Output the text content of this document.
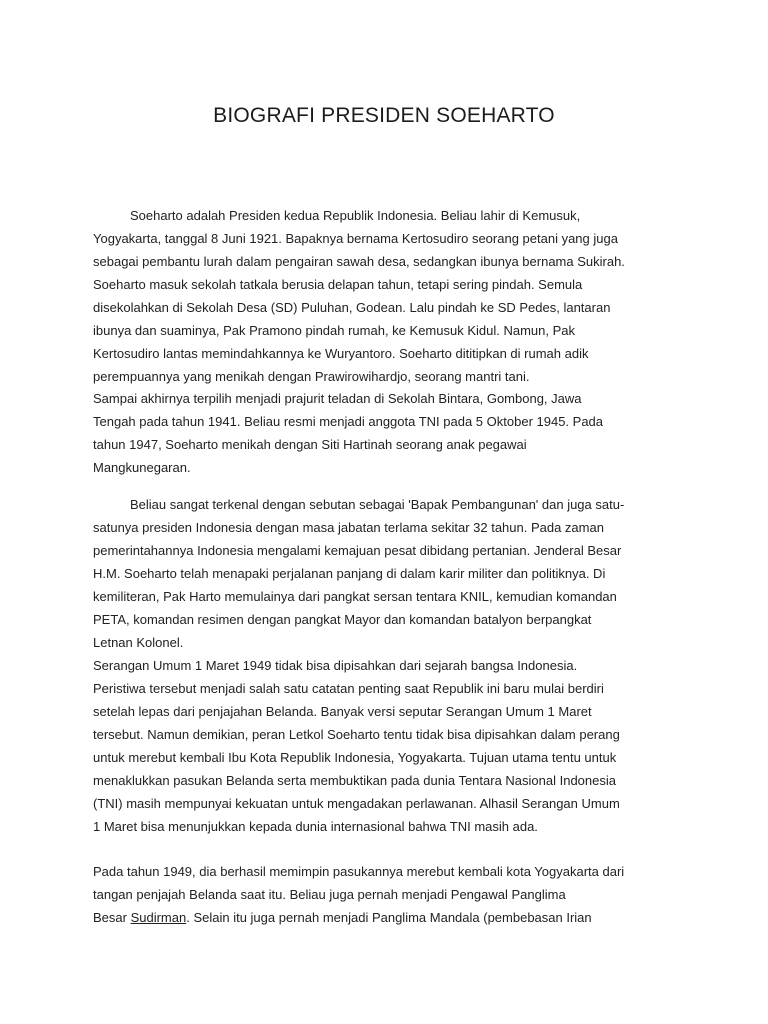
BIOGRAFI PRESIDEN SOEHARTO
Soeharto adalah Presiden kedua Republik Indonesia. Beliau lahir di Kemusuk,
Yogyakarta, tanggal 8 Juni 1921. Bapaknya bernama Kertosudiro seorang petani yang juga
sebagai pembantu lurah dalam pengairan sawah desa, sedangkan ibunya bernama Sukirah.
Soeharto masuk sekolah tatkala berusia delapan tahun, tetapi sering pindah. Semula
disekolahkan di Sekolah Desa (SD) Puluhan, Godean. Lalu pindah ke SD Pedes, lantaran
ibunya dan suaminya, Pak Pramono pindah rumah, ke Kemusuk Kidul. Namun, Pak
Kertosudiro lantas memindahkannya ke Wuryantoro. Soeharto dititipkan di rumah adik
perempuannya yang menikah dengan Prawirowihardjo, seorang mantri tani.
Sampai akhirnya terpilih menjadi prajurit teladan di Sekolah Bintara, Gombong, Jawa
Tengah pada tahun 1941. Beliau resmi menjadi anggota TNI pada 5 Oktober 1945. Pada
tahun 1947, Soeharto menikah dengan Siti Hartinah seorang anak pegawai
Mangkunegaran.
Beliau sangat terkenal dengan sebutan sebagai 'Bapak Pembangunan' dan juga satu-
satunya presiden Indonesia dengan masa jabatan terlama sekitar 32 tahun. Pada zaman
pemerintahannya Indonesia mengalami kemajuan pesat dibidang pertanian. Jenderal Besar
H.M. Soeharto telah menapaki perjalanan panjang di dalam karir militer dan politiknya. Di
kemiliteran, Pak Harto memulainya dari pangkat sersan tentara KNIL, kemudian komandan
PETA, komandan resimen dengan pangkat Mayor dan komandan batalyon berpangkat
Letnan Kolonel.
Serangan Umum 1 Maret 1949 tidak bisa dipisahkan dari sejarah bangsa Indonesia.
Peristiwa tersebut menjadi salah satu catatan penting saat Republik ini baru mulai berdiri
setelah lepas dari penjajahan Belanda. Banyak versi seputar Serangan Umum 1 Maret
tersebut. Namun demikian, peran Letkol Soeharto tentu tidak bisa dipisahkan dalam perang
untuk merebut kembali Ibu Kota Republik Indonesia, Yogyakarta. Tujuan utama tentu untuk
menaklukkan pasukan Belanda serta membuktikan pada dunia Tentara Nasional Indonesia
(TNI) masih mempunyai kekuatan untuk mengadakan perlawanan. Alhasil Serangan Umum
1 Maret bisa menunjukkan kepada dunia internasional bahwa TNI masih ada.
Pada tahun 1949, dia berhasil memimpin pasukannya merebut kembali kota Yogyakarta dari
tangan penjajah Belanda saat itu. Beliau juga pernah menjadi Pengawal Panglima
Besar Sudirman. Selain itu juga pernah menjadi Panglima Mandala (pembebasan Irian
